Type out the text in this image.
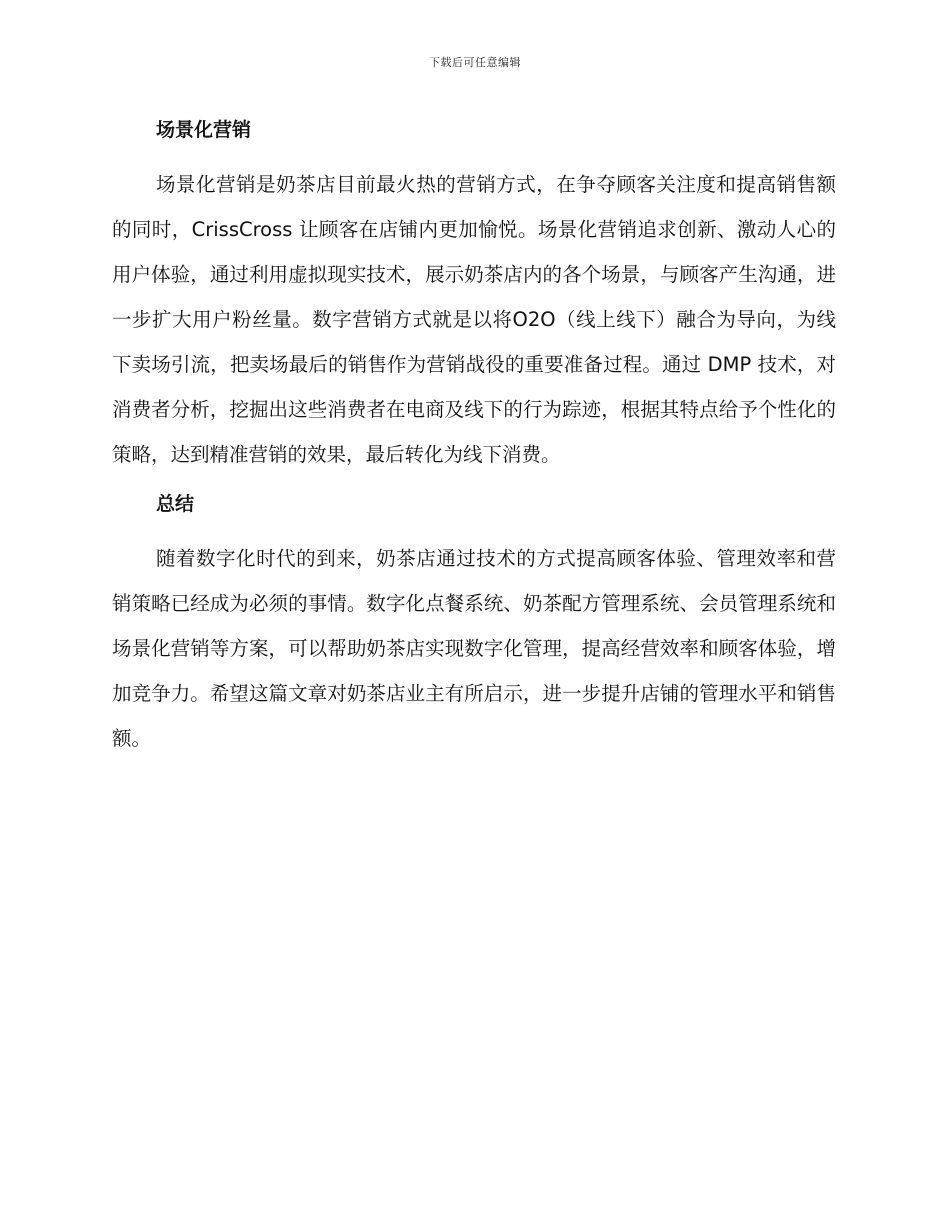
下载后可任意编辑
场景化营销

场景化营销是奶茶店目前最火热的营销方式，在争夺顾客关注度和提高销售额的同时，CrissCross 让顾客在店铺内更加愉悦。场景化营销追求创新、激动人心的用户体验，通过利用虚拟现实技术，展示奶茶店内的各个场景，与顾客产生沟通，进一步扩大用户粉丝量。数字营销方式就是以将O2O（线上线下）融合为导向，为线下卖场引流，把卖场最后的销售作为营销战役的重要准备过程。通过 DMP 技术，对消费者分析，挖掘出这些消费者在电商及线下的行为踪迹，根据其特点给予个性化的策略，达到精准营销的效果，最后转化为线下消费。

总结

随着数字化时代的到来，奶茶店通过技术的方式提高顾客体验、管理效率和营销策略已经成为必须的事情。数字化点餐系统、奶茶配方管理系统、会员管理系统和场景化营销等方案，可以帮助奶茶店实现数字化管理，提高经营效率和顾客体验，增加竞争力。希望这篇文章对奶茶店业主有所启示，进一步提升店铺的管理水平和销售额。
